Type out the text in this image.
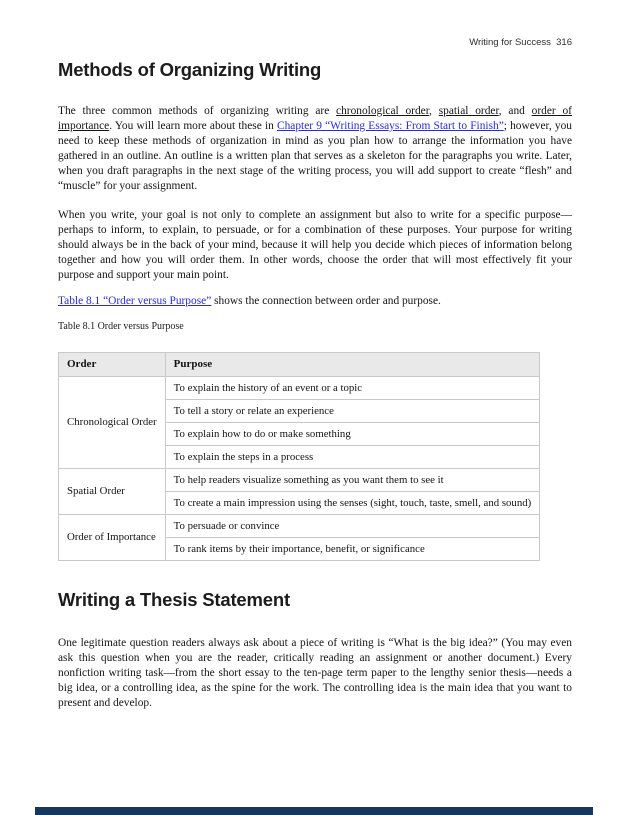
Writing for Success  316
Methods of Organizing Writing

The three common methods of organizing writing are chronological order, spatial order, and order of importance. You will learn more about these in Chapter 9 “Writing Essays: From Start to Finish”; however, you need to keep these methods of organization in mind as you plan how to arrange the information you have gathered in an outline. An outline is a written plan that serves as a skeleton for the paragraphs you write. Later, when you draft paragraphs in the next stage of the writing process, you will add support to create “flesh” and “muscle” for your assignment.

When you write, your goal is not only to complete an assignment but also to write for a specific purpose—perhaps to inform, to explain, to persuade, or for a combination of these purposes. Your purpose for writing should always be in the back of your mind, because it will help you decide which pieces of information belong together and how you will order them. In other words, choose the order that will most effectively fit your purpose and support your main point.

Table 8.1 “Order versus Purpose” shows the connection between order and purpose.

Table 8.1 Order versus Purpose

Order	Purpose
Chronological Order	To explain the history of an event or a topic
	To tell a story or relate an experience
	To explain how to do or make something
	To explain the steps in a process
Spatial Order	To help readers visualize something as you want them to see it
	To create a main impression using the senses (sight, touch, taste, smell, and sound)
Order of Importance	To persuade or convince
	To rank items by their importance, benefit, or significance
Writing a Thesis Statement

One legitimate question readers always ask about a piece of writing is “What is the big idea?” (You may even ask this question when you are the reader, critically reading an assignment or another document.) Every nonfiction writing task—from the short essay to the ten-page term paper to the lengthy senior thesis—needs a big idea, or a controlling idea, as the spine for the work. The controlling idea is the main idea that you want to present and develop.
